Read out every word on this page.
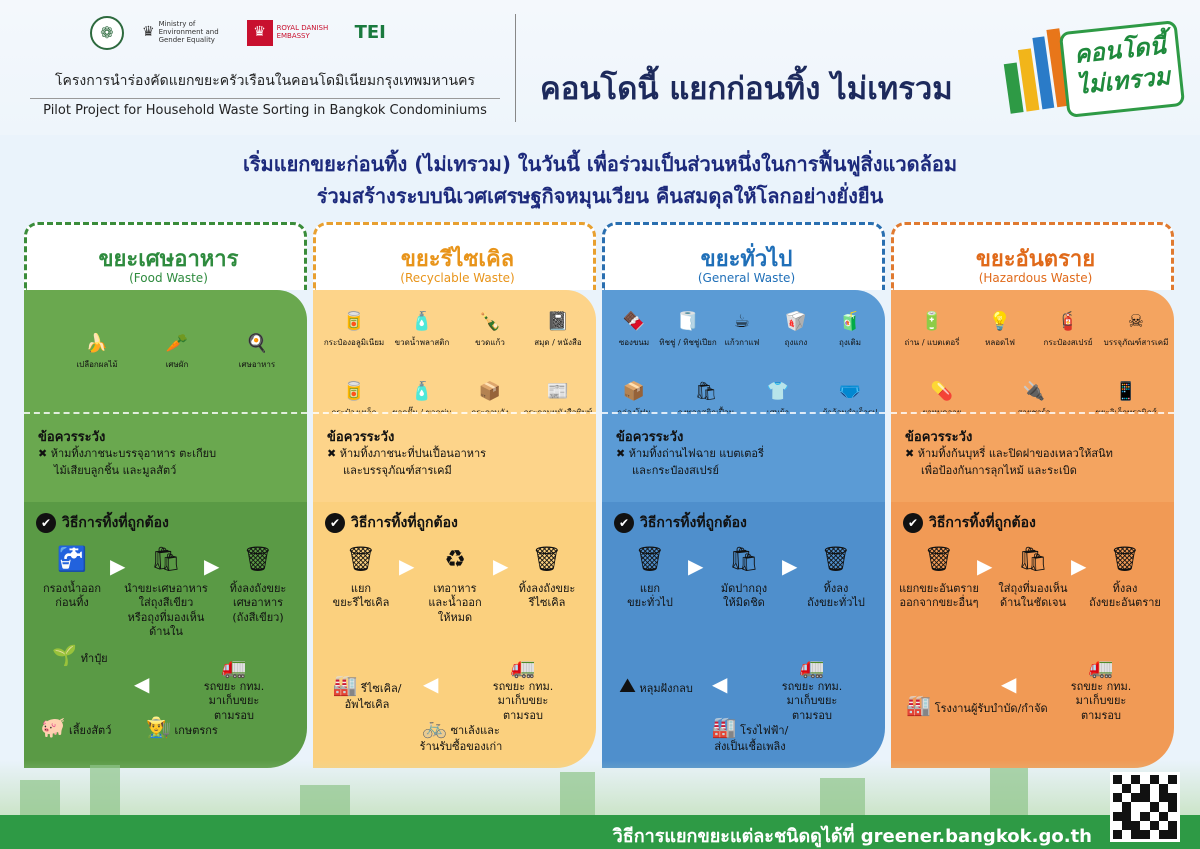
❁	♛ Ministry of Environment and Gender Equality	♛	ROYAL DANISH EMBASSY	TEI
โครงการนำร่องคัดแยกขยะครัวเรือนในคอนโดมิเนียมกรุงเทพมหานคร
Pilot Project for Household Waste Sorting in Bangkok Condominiums
คอนโดนี้ แยกก่อนทิ้ง ไม่เทรวม
คอนโดนี้
ไม่เทรวม
เริ่มแยกขยะก่อนทิ้ง (ไม่เทรวม) ในวันนี้ เพื่อร่วมเป็นส่วนหนึ่งในการฟื้นฟูสิ่งแวดล้อม
ร่วมสร้างระบบนิเวศเศรษฐกิจหมุนเวียน คืนสมดุลให้โลกอย่างยั่งยืน
ขยะเศษอาหาร
(Food Waste)
🍌
เปลือกผลไม้
🥕
เศษผัก
🍳
เศษอาหาร
ข้อควรระวัง
✖ ห้ามทิ้งภาชนะบรรจุอาหาร ตะเกียบ
ไม้เสียบลูกชิ้น และมูลสัตว์
✔ วิธีการทิ้งที่ถูกต้อง
🚰
กรองน้ำออก
ก่อนทิ้ง
▶ 🛍
นำขยะเศษอาหาร
ใส่ถุงสีเขียว
หรือถุงที่มองเห็นด้านใน
▶ 🗑
ทิ้งลงถังขยะ
เศษอาหาร
(ถังสีเขียว)
🚛
รถขยะ กทม.
มาเก็บขยะ
ตามรอบ
🌱 ทำปุ๋ย
👨‍🌾 เกษตรกร
🐖 เลี้ยงสัตว์
◀
ขยะรีไซเคิล
(Recyclable Waste)
🥫
กระป๋องอลูมิเนียม
🧴
ขวดน้ำพลาสติก
🍾
ขวดแก้ว
📓
สมุด / หนังสือ
🥫	🧴	📦	📰
ข้อควรระวัง
✖ ห้ามทิ้งภาชนะที่ปนเปื้อนอาหาร
และบรรจุภัณฑ์สารเคมี
✔ วิธีการทิ้งที่ถูกต้อง
🗑
แยก
ขยะรีไซเคิล
▶	♻
เทอาหาร
และน้ำออก
ให้หมด
▶ 🗑
ทิ้งลงถังขยะ
รีไซเคิล
🚛
รถขยะ กทม.
มาเก็บขยะ
ตามรอบ
🏭 รีไซเคิล/
อัพไซเคิล
🚲 ซาเล้งและ
ร้านรับซื้อของเก่า
◀
ขยะทั่วไป
(General Waste)
🍫
ซองขนม
🧻
ทิชชู่ / ทิชชู่เปียก
☕
แก้วกาแฟ
🥡
ถุงแกง
🧃
ถุงเติม
📦	🛍	👕	🩲
ข้อควรระวัง
✖ ห้ามทิ้งถ่านไฟฉาย แบตเตอรี่
และกระป๋องสเปรย์
✔ วิธีการทิ้งที่ถูกต้อง
🗑
แยก
ขยะทั่วไป
▶ 🛍
มัดปากถุง
ให้มิดชิด
▶ 🗑
ทิ้งลง
ถังขยะทั่วไป
🚛
รถขยะ กทม.
มาเก็บขยะ
ตามรอบ
⛰ หลุมฝังกลบ
🏭 โรงไฟฟ้า/
ส่งเป็นเชื้อเพลิง
◀
ขยะอันตราย
(Hazardous Waste)
🔋
ถ่าน / แบตเตอรี่
💡
หลอดไฟ
🧯
กระป๋องสเปรย์
☠
บรรจุภัณฑ์สารเคมี
💊	🔌	📱
ข้อควรระวัง
✖ ห้ามทิ้งก้นบุหรี่ และปิดฝาของเหลวให้สนิท
เพื่อป้องกันการลุกไหม้ และระเบิด
✔ วิธีการทิ้งที่ถูกต้อง
🗑
แยกขยะอันตราย
ออกจากขยะอื่นๆ
▶ 🛍
ใส่ถุงที่มองเห็น
ด้านในชัดเจน
▶ 🗑
ทิ้งลง
ถังขยะอันตราย
🚛
รถขยะ กทม.
มาเก็บขยะ
ตามรอบ
🏭 โรงงานผู้รับบำบัด/กำจัด
◀
วิธีการแยกขยะแต่ละชนิดดูได้ที่ greener.bangkok.go.th
